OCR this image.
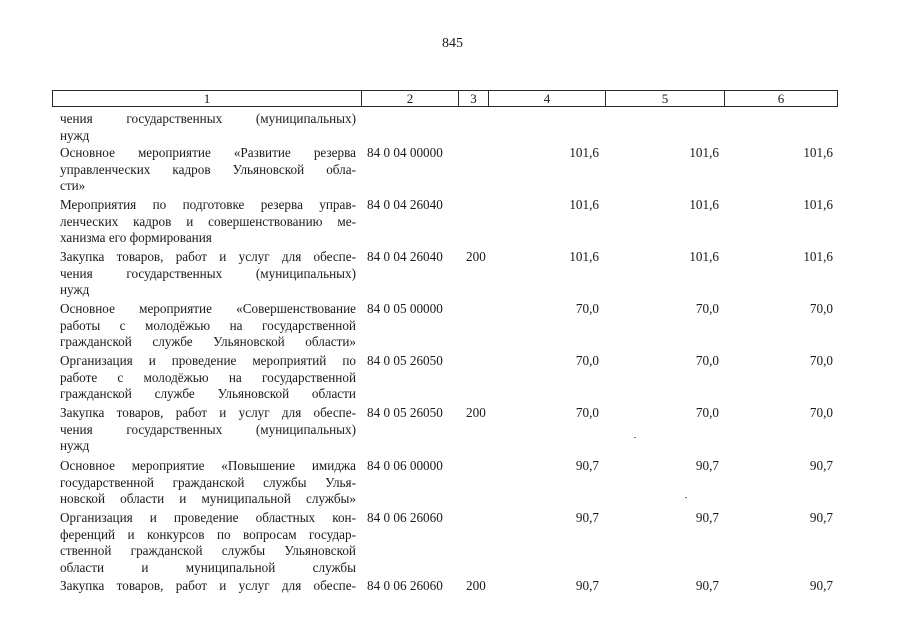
845
1	2	3	4	5	6
чения государственных (муниципальных)
нужд
Основное мероприятие «Развитие резерва
управленческих кадров Ульяновской обла-
сти»
84 0 04 00000	101,6	101,6	101,6
Мероприятия по подготовке резерва управ-
ленческих кадров и совершенствованию ме-
ханизма его формирования
84 0 04 26040	101,6	101,6	101,6
Закупка товаров, работ и услуг для обеспе-
чения государственных (муниципальных)
нужд
84 0 04 26040 200	101,6	101,6	101,6
Основное мероприятие «Совершенствование
работы с молодёжью на государственной
гражданской службе Ульяновской области»
84 0 05 00000	70,0	70,0	70,0
Организация и проведение мероприятий по
работе с молодёжью на государственной
гражданской службе Ульяновской области
84 0 05 26050	70,0	70,0	70,0
Закупка товаров, работ и услуг для обеспе-
чения государственных (муниципальных)
нужд
84 0 05 26050 200	70,0	70,0	70,0
Основное мероприятие «Повышение имиджа
государственной гражданской службы Улья-
новской области и муниципальной службы»
84 0 06 00000	90,7	90,7	90,7
Организация и проведение областных кон-
ференций и конкурсов по вопросам государ-
ственной гражданской службы Ульяновской
области и муниципальной службы
84 0 06 26060	90,7	90,7	90,7
Закупка товаров, работ и услуг для обеспе- 84 0 06 26060 200	90,7	90,7	90,7
